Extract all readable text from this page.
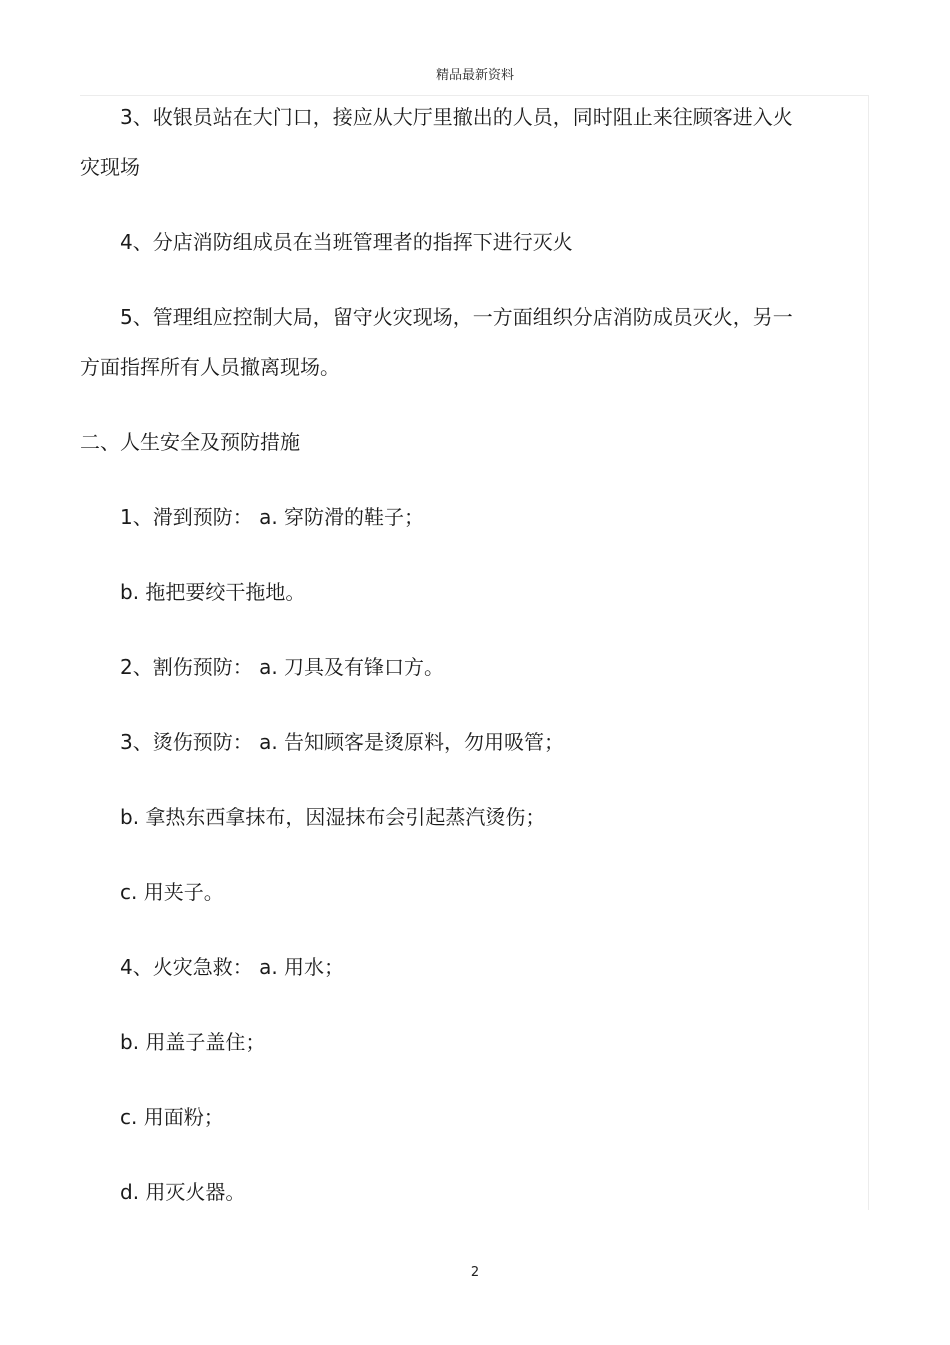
精品最新资料
3、收银员站在大门口，接应从大厅里撤出的人员，同时阻止来往顾客进入火
灾现场
4、分店消防组成员在当班管理者的指挥下进行灭火
5、管理组应控制大局，留守火灾现场，一方面组织分店消防成员灭火，另一
方面指挥所有人员撤离现场。
二、人生安全及预防措施
1、滑到预防： a. 穿防滑的鞋子；
b. 拖把要绞干拖地。
2、割伤预防： a. 刀具及有锋口方。
3、烫伤预防： a. 告知顾客是烫原料，勿用吸管；
b. 拿热东西拿抹布，因湿抹布会引起蒸汽烫伤；
c. 用夹子。
4、火灾急救： a. 用水；
b. 用盖子盖住；
c. 用面粉；
d. 用灭火器。
2
